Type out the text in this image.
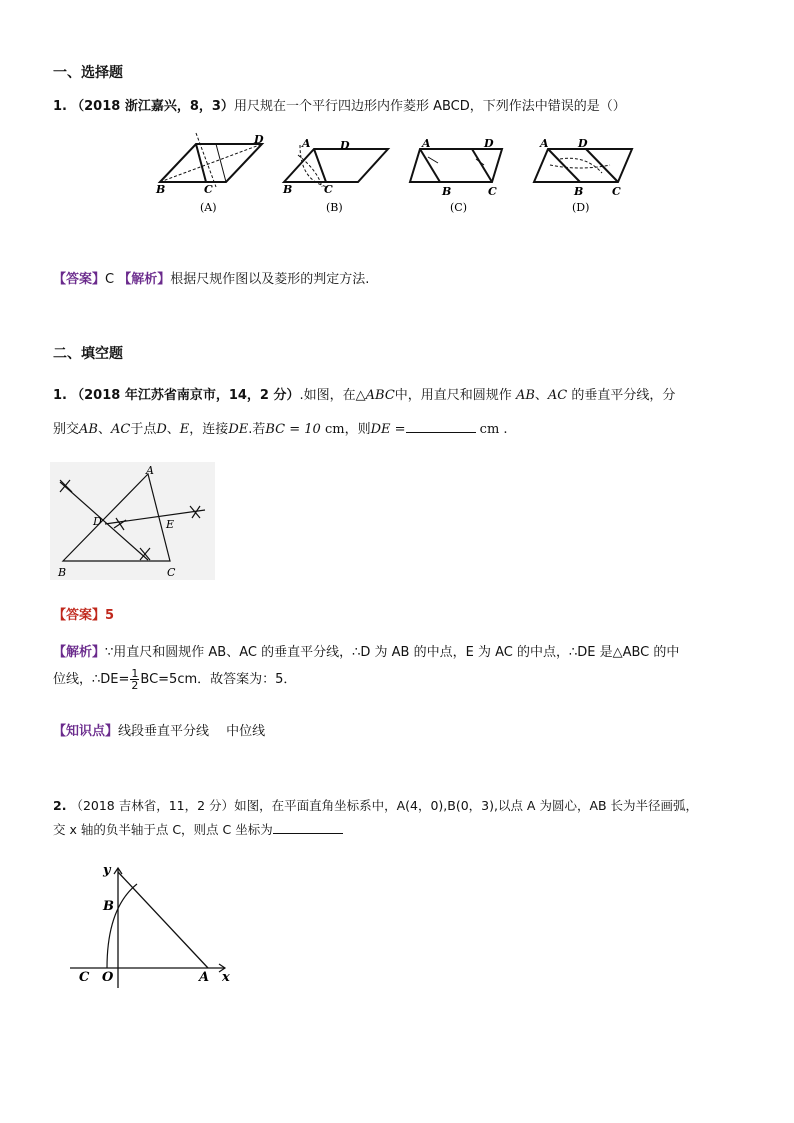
一、选择题
1. （2018 浙江嘉兴，8，3）用尺规在一个平行四边形内作菱形 ABCD，下列作法中错误的是（）
B	C
D
(A)
B	C
A	D
(B)
A	D
B	C
(C)
A	D
B	C
(D)
【答案】C 【解析】根据尺规作图以及菱形的判定方法.
二、填空题
1. （2018 年江苏省南京市，14，2 分）.如图，在△ABC中，用直尺和圆规作 AB、AC 的垂直平分线，分
别交AB、AC于点D、E，连接DE.若BC = 10 cm，则DE =	cm .
A
B	C
D	E
【答案】5
【解析】∵用直尺和圆规作 AB、AC 的垂直平分线，∴D 为 AB 的中点，E 为 AC 的中点，∴DE 是△ABC 的中
位线，∴DE= $\frac{1}{2} BC=5cm$．故答案为：5．
【知识点】线段垂直平分线　 中位线
2. （2018 吉林省，11，2 分）如图，在平面直角坐标系中，A(4，0),B(0，3),以点 A 为圆心，AB 长为半径画弧，
交 x 轴的负半轴于点 C，则点 C 坐标为
B
C O	A x
y
